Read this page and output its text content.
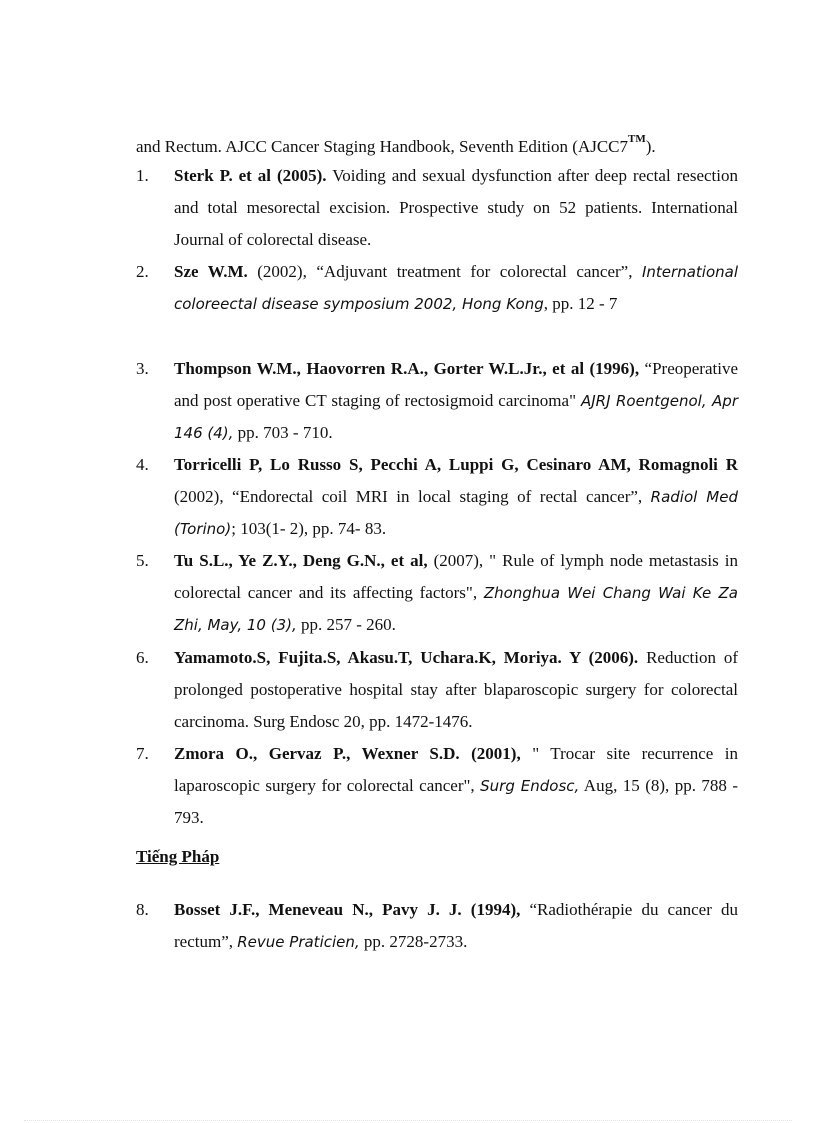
and Rectum. AJCC Cancer Staging Handbook, Seventh Edition (AJCC7™).
1.	Sterk P. et al (2005). Voiding and sexual dysfunction after deep rectal resection and total mesorectal excision. Prospective study on 52 patients. International Journal of colorectal disease.
2.	Sze W.M. (2002), “Adjuvant treatment for colorectal cancer”, International coloreectal disease symposium 2002, Hong Kong, pp. 12 - 7
3.	Thompson W.M., Haovorren R.A., Gorter W.L.Jr., et al (1996), “Preoperative and post operative CT staging of rectosigmoid carcinoma" AJRJ Roentgenol, Apr 146 (4), pp. 703 - 710.
4.	Torricelli P, Lo Russo S, Pecchi A, Luppi G, Cesinaro AM, Romagnoli R (2002), “Endorectal coil MRI in local staging of rectal cancer”, Radiol Med (Torino); 103(1- 2), pp. 74- 83.
5.	Tu S.L., Ye Z.Y., Deng G.N., et al, (2007), " Rule of lymph node metastasis in colorectal cancer and its affecting factors", Zhonghua Wei Chang Wai Ke Za Zhi, May, 10 (3), pp. 257 - 260.
6.	Yamamoto.S, Fujita.S, Akasu.T, Uchara.K, Moriya. Y (2006). Reduction of prolonged postoperative hospital stay after blaparoscopic surgery for colorectal carcinoma. Surg Endosc 20, pp. 1472-1476.
7.	Zmora O., Gervaz P., Wexner S.D. (2001), " Trocar site recurrence in laparoscopic surgery for colorectal cancer", Surg Endosc, Aug, 15 (8), pp. 788 - 793.
Tiếng Pháp
8.	Bosset J.F., Meneveau N., Pavy J. J. (1994), “Radiothérapie du cancer du rectum”, Revue Praticien, pp. 2728-2733.
